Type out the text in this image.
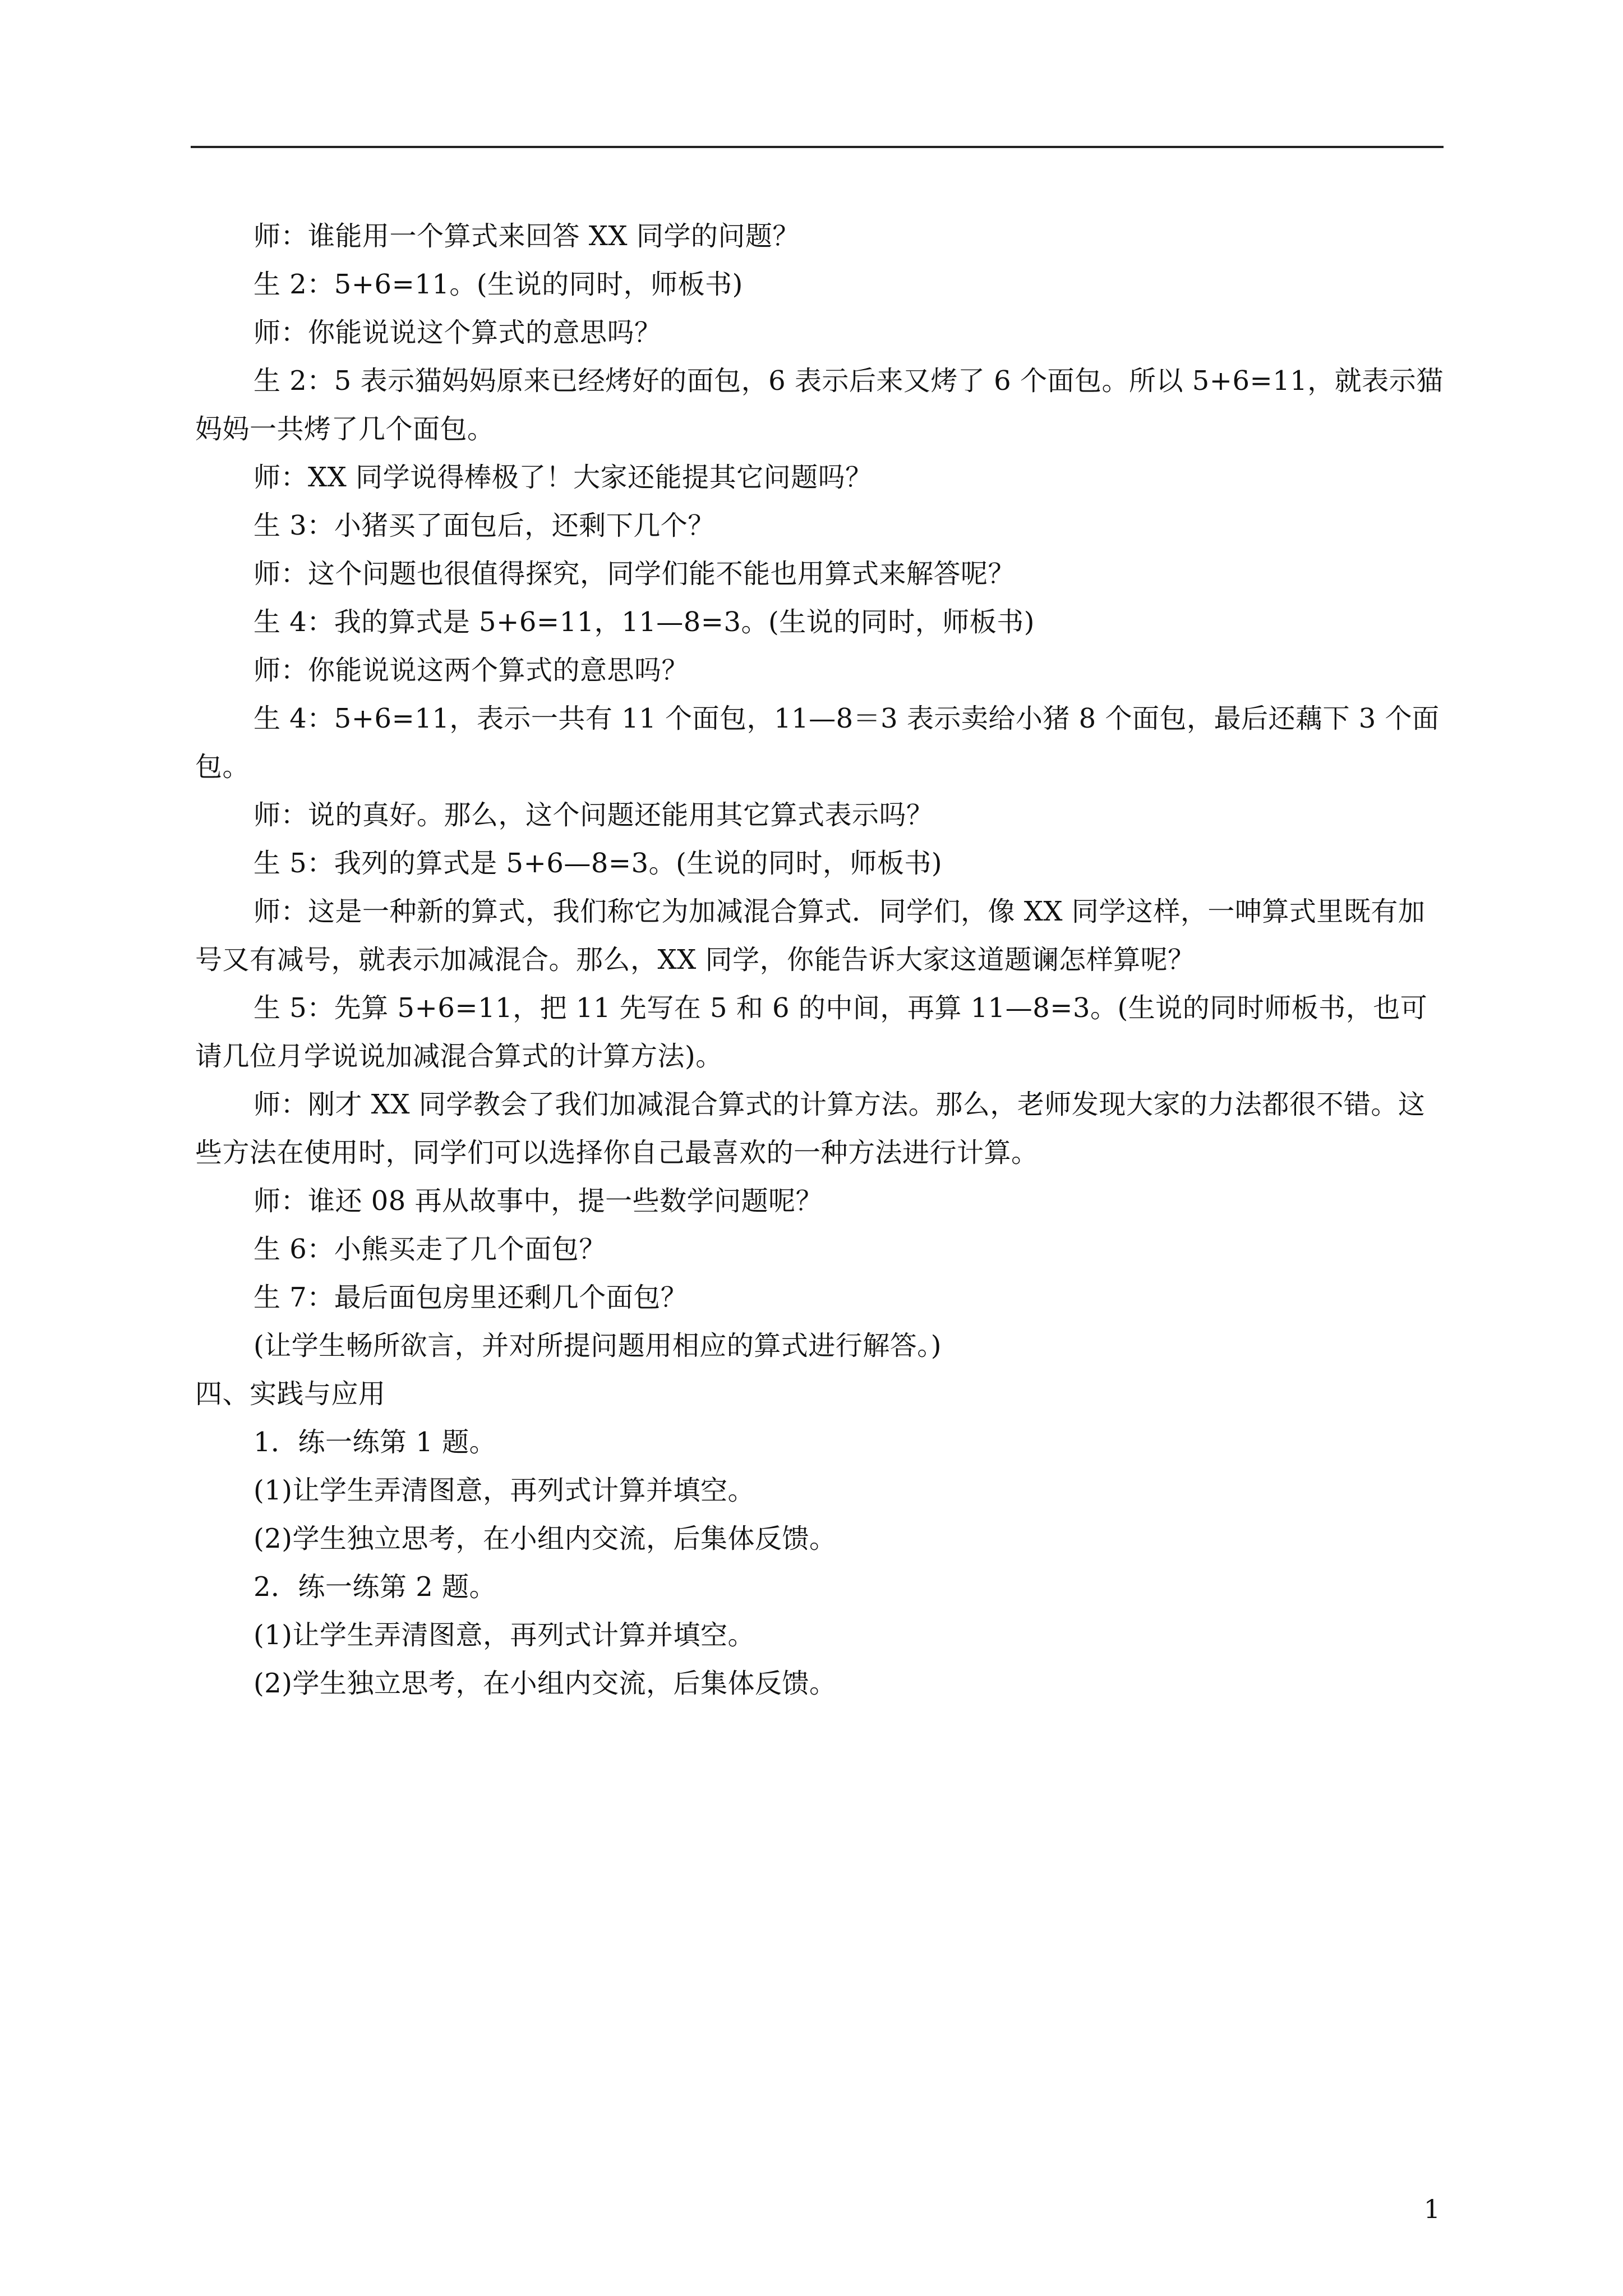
师：谁能用一个算式来回答 XX 同学的问题？

生 2：5+6=11。(生说的同时，师板书)

师：你能说说这个算式的意思吗？

生 2：5 表示猫妈妈原来已经烤好的面包，6 表示后来又烤了 6 个面包。所以 5+6=11，就表示猫妈妈一共烤了几个面包。

师：XX 同学说得棒极了！大家还能提其它问题吗？

生 3：小猪买了面包后，还剩下几个？

师：这个问题也很值得探究，同学们能不能也用算式来解答呢？

生 4：我的算式是 5+6=11，11—8=3。(生说的同时，师板书)

师：你能说说这两个算式的意思吗？

生 4：5+6=11，表示一共有 11 个面包，11—8＝3 表示卖给小猪 8 个面包，最后还藕下 3 个面包。

师：说的真好。那么，这个问题还能用其它算式表示吗？

生 5：我列的算式是 5+6—8=3。(生说的同时，师板书)

师：这是一种新的算式，我们称它为加减混合算式．同学们，像 XX 同学这样，一呻算式里既有加号又有减号，就表示加减混合。那么，XX 同学，你能告诉大家这道题谰怎样算呢？

生 5：先算 5+6=11，把 11 先写在 5 和 6 的中间，再算 11—8=3。(生说的同时师板书，也可请几位月学说说加减混合算式的计算方法)。

师：刚才 XX 同学教会了我们加减混合算式的计算方法。那么，老师发现大家的力法都很不错。这些方法在使用时，同学们可以选择你自己最喜欢的一种方法进行计算。

师：谁还 08 再从故事中，提一些数学问题呢？

生 6：小熊买走了几个面包？

生 7：最后面包房里还剩几个面包？

(让学生畅所欲言，并对所提问题用相应的算式进行解答。)

四、实践与应用

1．练一练第 1 题。

(1)让学生弄清图意，再列式计算并填空。

(2)学生独立思考，在小组内交流，后集体反馈。

2．练一练第 2 题。

(1)让学生弄清图意，再列式计算并填空。

(2)学生独立思考，在小组内交流，后集体反馈。

1
